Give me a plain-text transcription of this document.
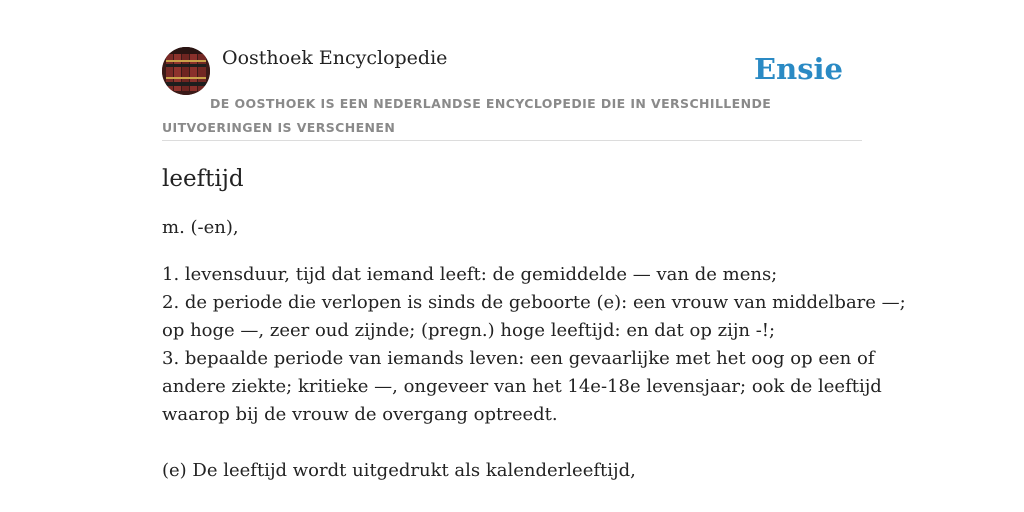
Oosthoek Encyclopedie	Ensie
DE OOSTHOEK IS EEN NEDERLANDSE ENCYCLOPEDIE DIE IN VERSCHILLENDE UITVOERINGEN IS VERSCHENEN
leeftijd

m. (-en),

1. levensduur, tijd dat iemand leeft: de gemiddelde — van de mens;
2. de periode die verlopen is sinds de geboorte (e): een vrouw van middelbare —;
op hoge —, zeer oud zijnde; (pregn.) hoge leeftijd: en dat op zijn -!;
3. bepaalde periode van iemands leven: een gevaarlijke met het oog op een of
andere ziekte; kritieke —, ongeveer van het 14e-18e levensjaar; ook de leeftijd
waarop bij de vrouw de overgang optreedt.

(e) De leeftijd wordt uitgedrukt als kalenderleeftijd,
